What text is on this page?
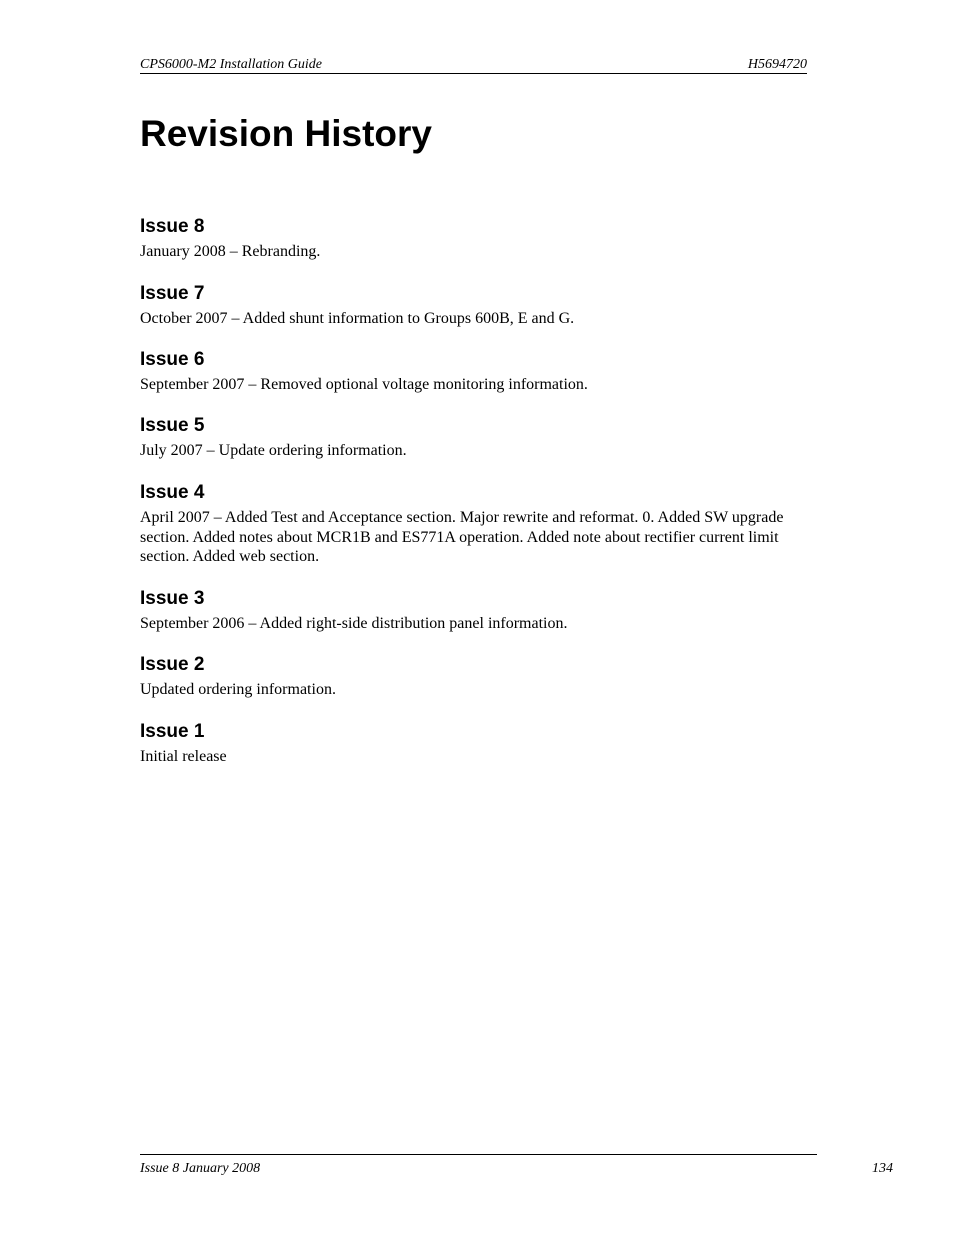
CPS6000-M2 Installation Guide	H5694720
Revision History
Issue 8

January 2008 – Rebranding.

Issue 7

October 2007 – Added shunt information to Groups 600B, E and G.

Issue 6

September 2007 – Removed optional voltage monitoring information.

Issue 5

July 2007 – Update ordering information.

Issue 4

April 2007 – Added Test and Acceptance section. Major rewrite and reformat. 0. Added SW upgrade section. Added notes about MCR1B and ES771A operation. Added note about rectifier current limit section. Added web section.

Issue 3

September 2006 – Added right-side distribution panel information.

Issue 2

Updated ordering information.

Issue 1

Initial release

Issue 8 January 2008	134
